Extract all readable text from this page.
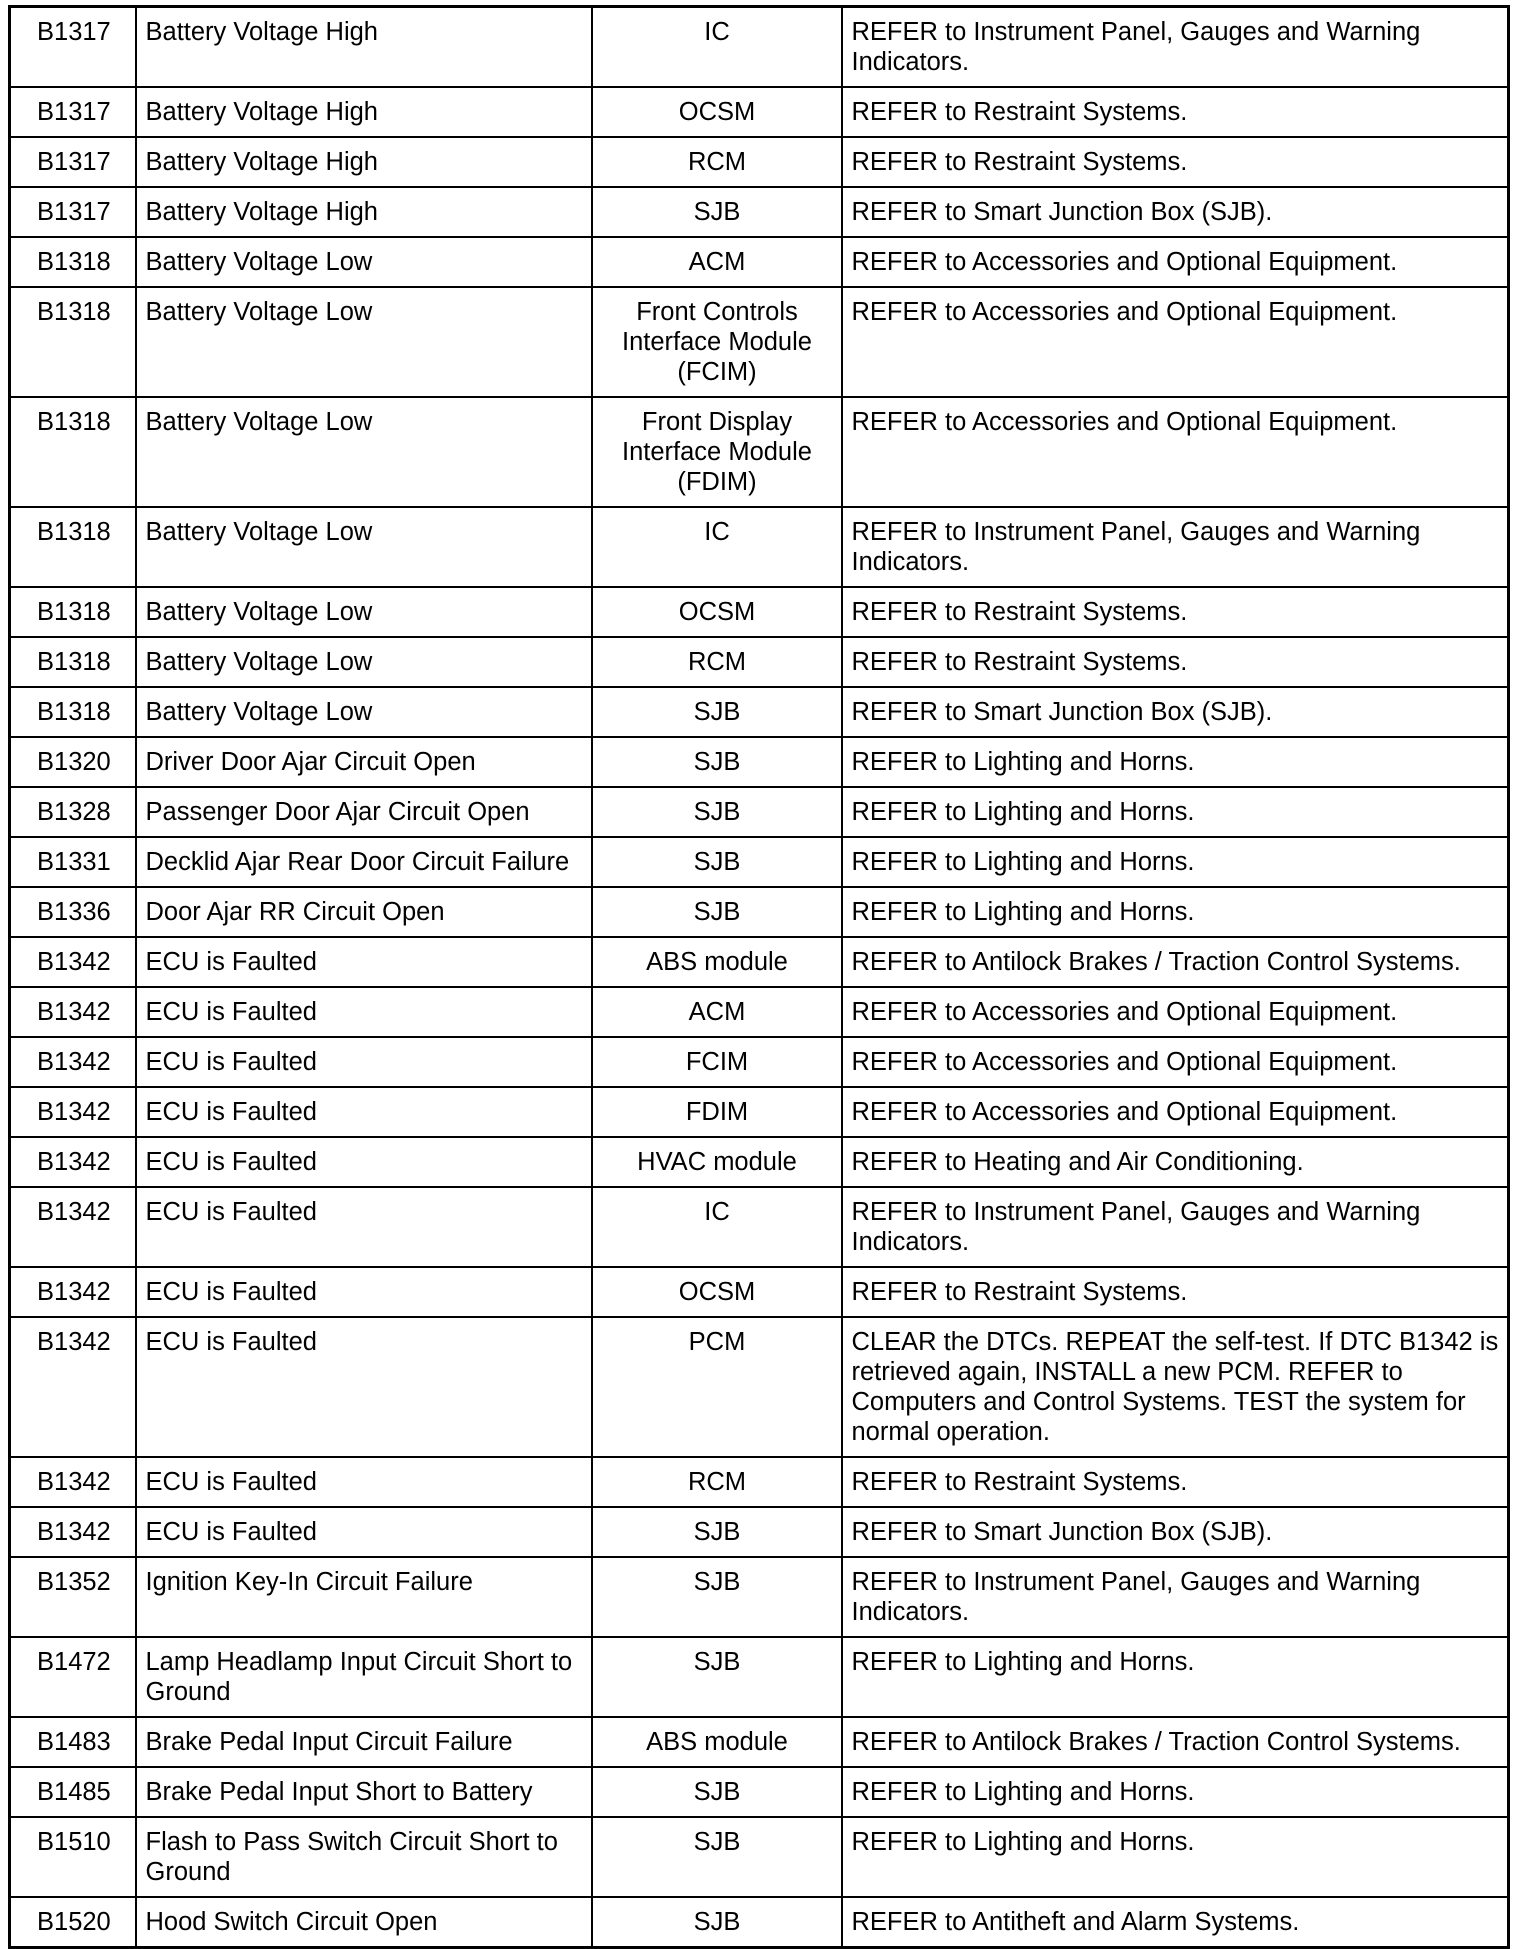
B1317	Battery Voltage High	IC	REFER to Instrument Panel, Gauges and Warning Indicators.
B1317	Battery Voltage High	OCSM	REFER to Restraint Systems.
B1317	Battery Voltage High	RCM	REFER to Restraint Systems.
B1317	Battery Voltage High	SJB	REFER to Smart Junction Box (SJB).
B1318	Battery Voltage Low	ACM	REFER to Accessories and Optional Equipment.
B1318	Battery Voltage Low	Front Controls Interface Module (FCIM)	REFER to Accessories and Optional Equipment.
B1318	Battery Voltage Low	Front Display Interface Module (FDIM)	REFER to Accessories and Optional Equipment.
B1318	Battery Voltage Low	IC	REFER to Instrument Panel, Gauges and Warning Indicators.
B1318	Battery Voltage Low	OCSM	REFER to Restraint Systems.
B1318	Battery Voltage Low	RCM	REFER to Restraint Systems.
B1318	Battery Voltage Low	SJB	REFER to Smart Junction Box (SJB).
B1320	Driver Door Ajar Circuit Open	SJB	REFER to Lighting and Horns.
B1328	Passenger Door Ajar Circuit Open	SJB	REFER to Lighting and Horns.
B1331	Decklid Ajar Rear Door Circuit Failure	SJB	REFER to Lighting and Horns.
B1336	Door Ajar RR Circuit Open	SJB	REFER to Lighting and Horns.
B1342	ECU is Faulted	ABS module	REFER to Antilock Brakes / Traction Control Systems.
B1342	ECU is Faulted	ACM	REFER to Accessories and Optional Equipment.
B1342	ECU is Faulted	FCIM	REFER to Accessories and Optional Equipment.
B1342	ECU is Faulted	FDIM	REFER to Accessories and Optional Equipment.
B1342	ECU is Faulted	HVAC module	REFER to Heating and Air Conditioning.
B1342	ECU is Faulted	IC	REFER to Instrument Panel, Gauges and Warning Indicators.
B1342	ECU is Faulted	OCSM	REFER to Restraint Systems.
B1342	ECU is Faulted	PCM	CLEAR the DTCs. REPEAT the self-test. If DTC B1342 is retrieved again, INSTALL a new PCM. REFER to Computers and Control Systems. TEST the system for normal operation.
B1342	ECU is Faulted	RCM	REFER to Restraint Systems.
B1342	ECU is Faulted	SJB	REFER to Smart Junction Box (SJB).
B1352	Ignition Key-In Circuit Failure	SJB	REFER to Instrument Panel, Gauges and Warning Indicators.
B1472	Lamp Headlamp Input Circuit Short to Ground	SJB	REFER to Lighting and Horns.
B1483	Brake Pedal Input Circuit Failure	ABS module	REFER to Antilock Brakes / Traction Control Systems.
B1485	Brake Pedal Input Short to Battery	SJB	REFER to Lighting and Horns.
B1510	Flash to Pass Switch Circuit Short to Ground	SJB	REFER to Lighting and Horns.
B1520	Hood Switch Circuit Open	SJB	REFER to Antitheft and Alarm Systems.
